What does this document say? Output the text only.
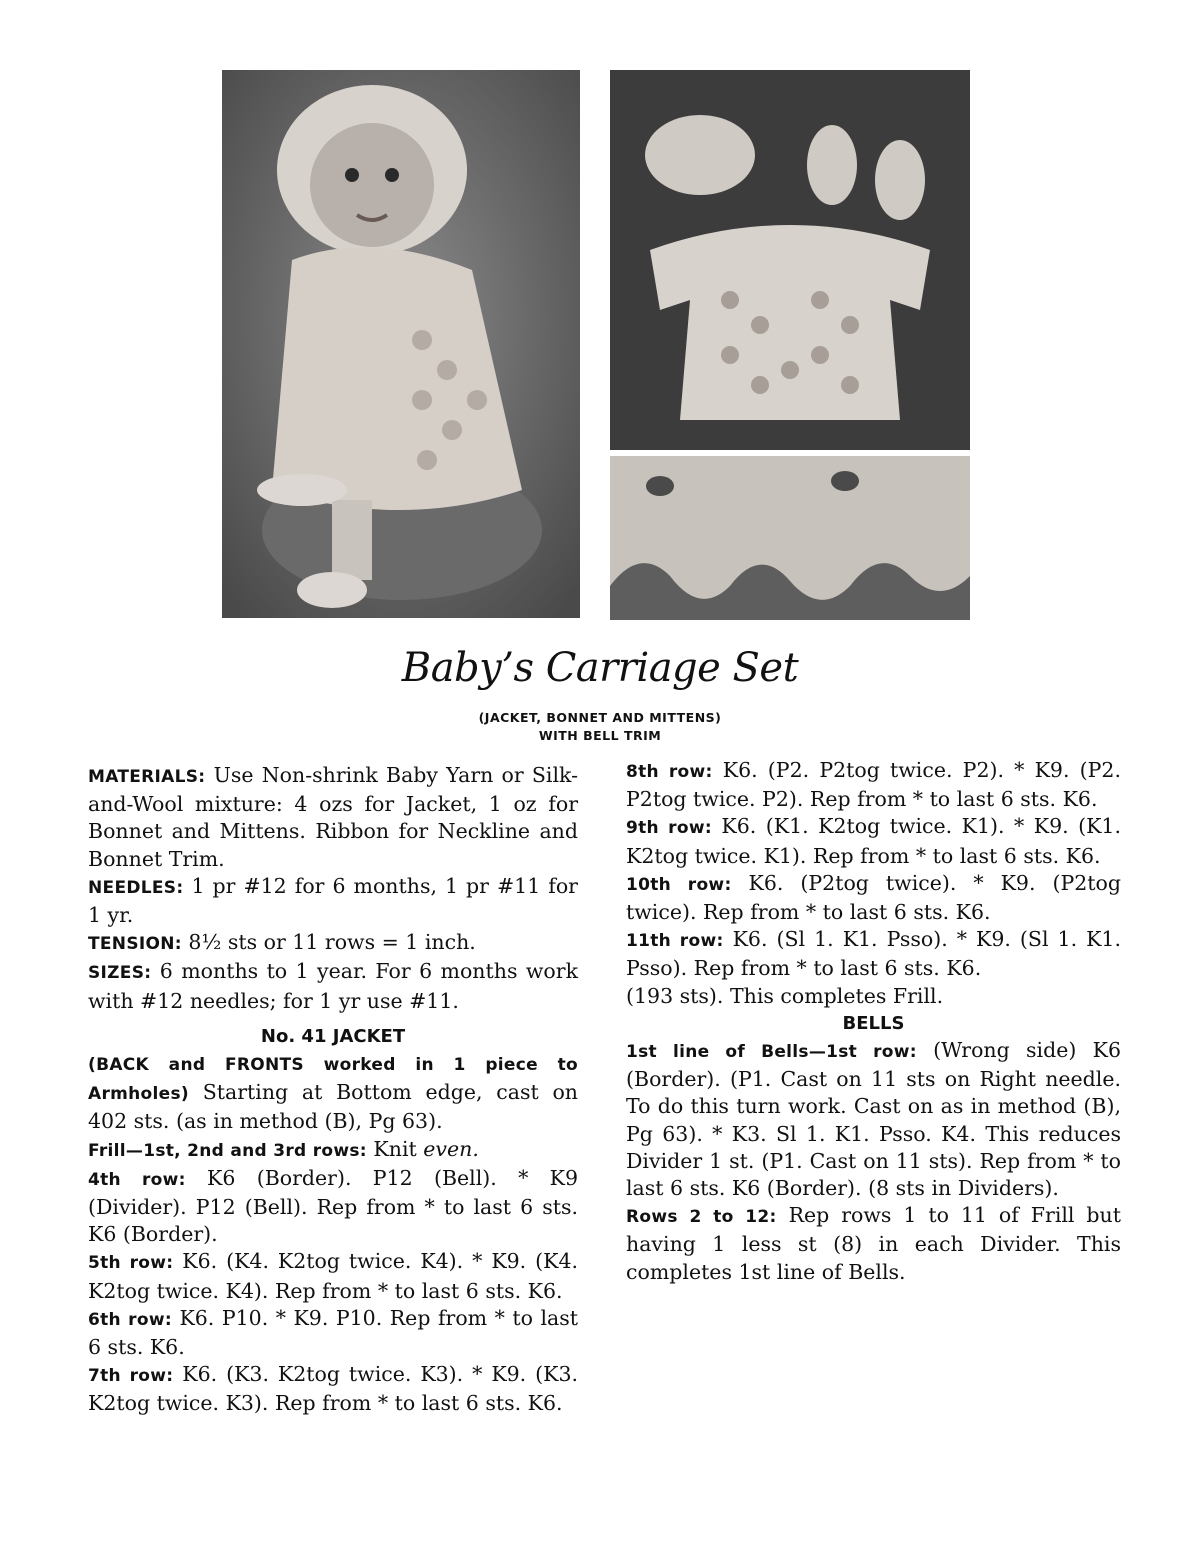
Baby’s Carriage Set
(JACKET, BONNET AND MITTENS)
WITH BELL TRIM

MATERIALS: Use Non-shrink Baby Yarn or Silk-and-Wool mixture: 4 ozs for Jacket, 1 oz for Bonnet and Mittens. Ribbon for Neckline and Bonnet Trim.

NEEDLES: 1 pr #12 for 6 months, 1 pr #11 for 1 yr.

TENSION: 8½ sts or 11 rows = 1 inch.

SIZES: 6 months to 1 year. For 6 months work with #12 needles; for 1 yr use #11.

No. 41 JACKET

(BACK and FRONTS worked in 1 piece to Armholes) Starting at Bottom edge, cast on 402 sts. (as in method (B), Pg 63).

Frill—1st, 2nd and 3rd rows: Knit even.

4th row: K6 (Border). P12 (Bell). * K9 (Divider). P12 (Bell). Rep from * to last 6 sts. K6 (Border).

5th row: K6. (K4. K2tog twice. K4). * K9. (K4. K2tog twice. K4). Rep from * to last 6 sts. K6.

6th row: K6. P10. * K9. P10. Rep from * to last 6 sts. K6.

7th row: K6. (K3. K2tog twice. K3). * K9. (K3. K2tog twice. K3). Rep from * to last 6 sts. K6.

8th row: K6. (P2. P2tog twice. P2). * K9. (P2. P2tog twice. P2). Rep from * to last 6 sts. K6.

9th row: K6. (K1. K2tog twice. K1). * K9. (K1. K2tog twice. K1). Rep from * to last 6 sts. K6.

10th row: K6. (P2tog twice). * K9. (P2tog twice). Rep from * to last 6 sts. K6.

11th row: K6. (Sl 1. K1. Psso). * K9. (Sl 1. K1. Psso). Rep from * to last 6 sts. K6.

(193 sts). This completes Frill.

BELLS

1st line of Bells—1st row: (Wrong side) K6 (Border). (P1. Cast on 11 sts on Right needle. To do this turn work. Cast on as in method (B), Pg 63). * K3. Sl 1. K1. Psso. K4. This reduces Divider 1 st. (P1. Cast on 11 sts). Rep from * to last 6 sts. K6 (Border). (8 sts in Dividers).

Rows 2 to 12: Rep rows 1 to 11 of Frill but having 1 less st (8) in each Divider. This completes 1st line of Bells.
